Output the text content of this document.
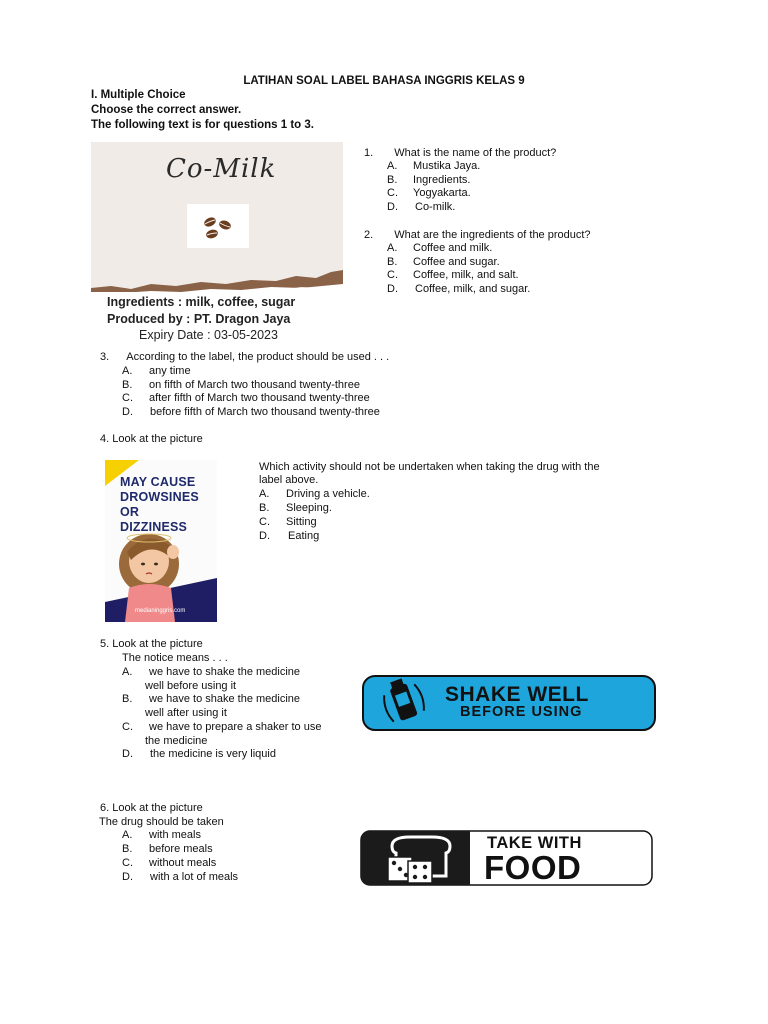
LATIHAN SOAL LABEL BAHASA INGGRIS KELAS 9
I. Multiple Choice
Choose the correct answer.
The following text is for questions 1 to 3.
Co-Milk
Ingredients : milk, coffee, sugar
Produced by : PT. Dragon Jaya
Expiry Date : 03-05-2023
1. What is the name of the product?
A. Mustika Jaya.
B. Ingredients.
C. Yogyakarta.
D. Co-milk.
2. What are the ingredients of the product?
A. Coffee and milk.
B. Coffee and sugar.
C. Coffee, milk, and salt.
D. Coffee, milk, and sugar.
3. According to the label, the product should be used . . .
A. any time
B. on fifth of March two thousand twenty-three
C. after fifth of March two thousand twenty-three
D. before fifth of March two thousand twenty-three
4. Look at the picture
MAY CAUSE
DROWSINES
OR
DIZZINESS
medianinggris.com
Which activity should not be undertaken when taking the drug with the
label above.
A. Driving a vehicle.
B. Sleeping.
C. Sitting
D. Eating
5. Look at the picture
The notice means . . .
A. we have to shake the medicine
well before using it
B. we have to shake the medicine
well after using it
C. we have to prepare a shaker to use
the medicine
D. the medicine is very liquid
SHAKE WELL
BEFORE USING
6. Look at the picture
The drug should be taken
A. with meals
B. before meals
C. without meals
D. with a lot of meals
TAKE WITH
FOOD
